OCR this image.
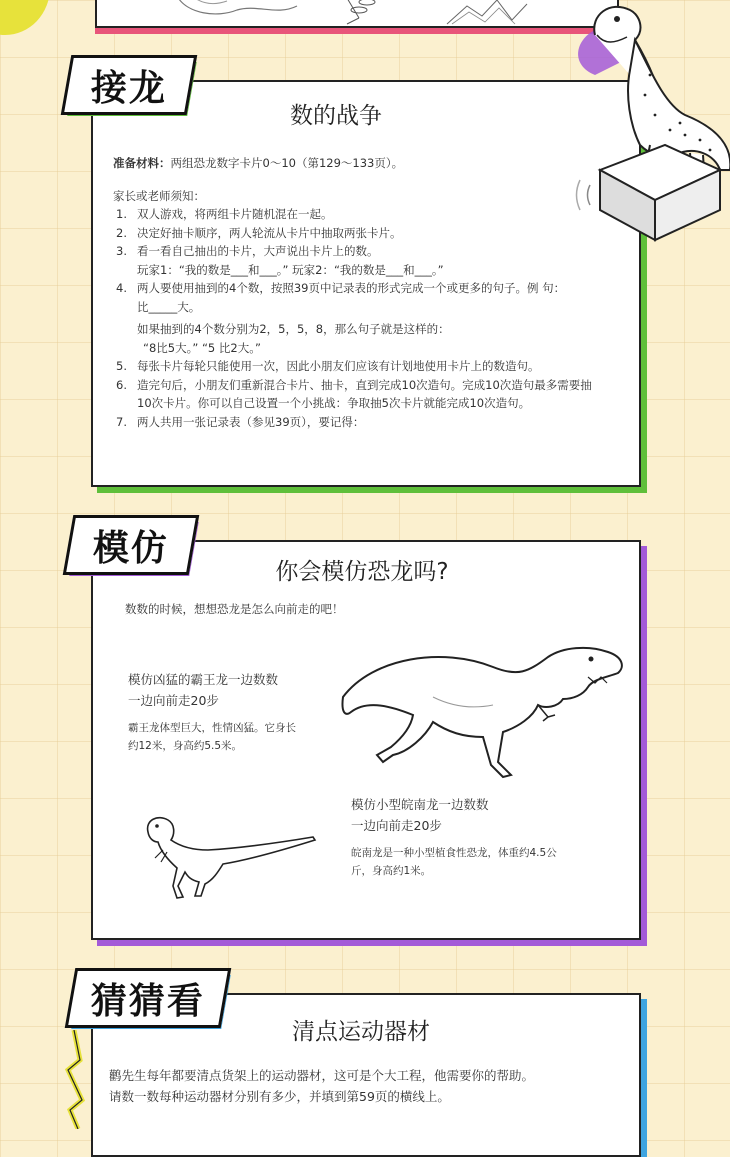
数的战争
准备材料：两组恐龙数字卡片0～10（第129～133页）。
家长或老师须知：
1. 双人游戏，将两组卡片随机混在一起。
2. 决定好抽卡顺序，两人轮流从卡片中抽取两张卡片。
3. 看一看自己抽出的卡片，大声说出卡片上的数。
玩家1：“我的数是___和___。” 玩家2：“我的数是___和___。”
4. 两人要使用抽到的4个数，按照39页中记录表的形式完成一个或更多的句子。例 句：
比_____大。
如果抽到的4个数分别为2，5，5，8，那么句子就是这样的：
“8比5大。” “5 比2大。”
5. 每张卡片每轮只能使用一次，因此小朋友们应该有计划地使用卡片上的数造句。
6. 造完句后，小朋友们重新混合卡片、抽卡，直到完成10次造句。完成10次造句最多需要抽
10次卡片。你可以自己设置一个小挑战：争取抽5次卡片就能完成10次造句。
7. 两人共用一张记录表（参见39页），要记得：
接龙
你会模仿恐龙吗?
数数的时候，想想恐龙是怎么向前走的吧！
模仿凶猛的霸王龙一边数数
一边向前走20步
霸王龙体型巨大，性情凶猛。它身长
约12米，身高约5.5米。
模仿小型皖南龙一边数数
一边向前走20步
皖南龙是一种小型植食性恐龙，体重约4.5公
斤，身高约1米。
模仿
清点运动器材
鹳先生每年都要清点货架上的运动器材，这可是个大工程，他需要你的帮助。
请数一数每种运动器材分别有多少，并填到第59页的横线上。
猜猜看
